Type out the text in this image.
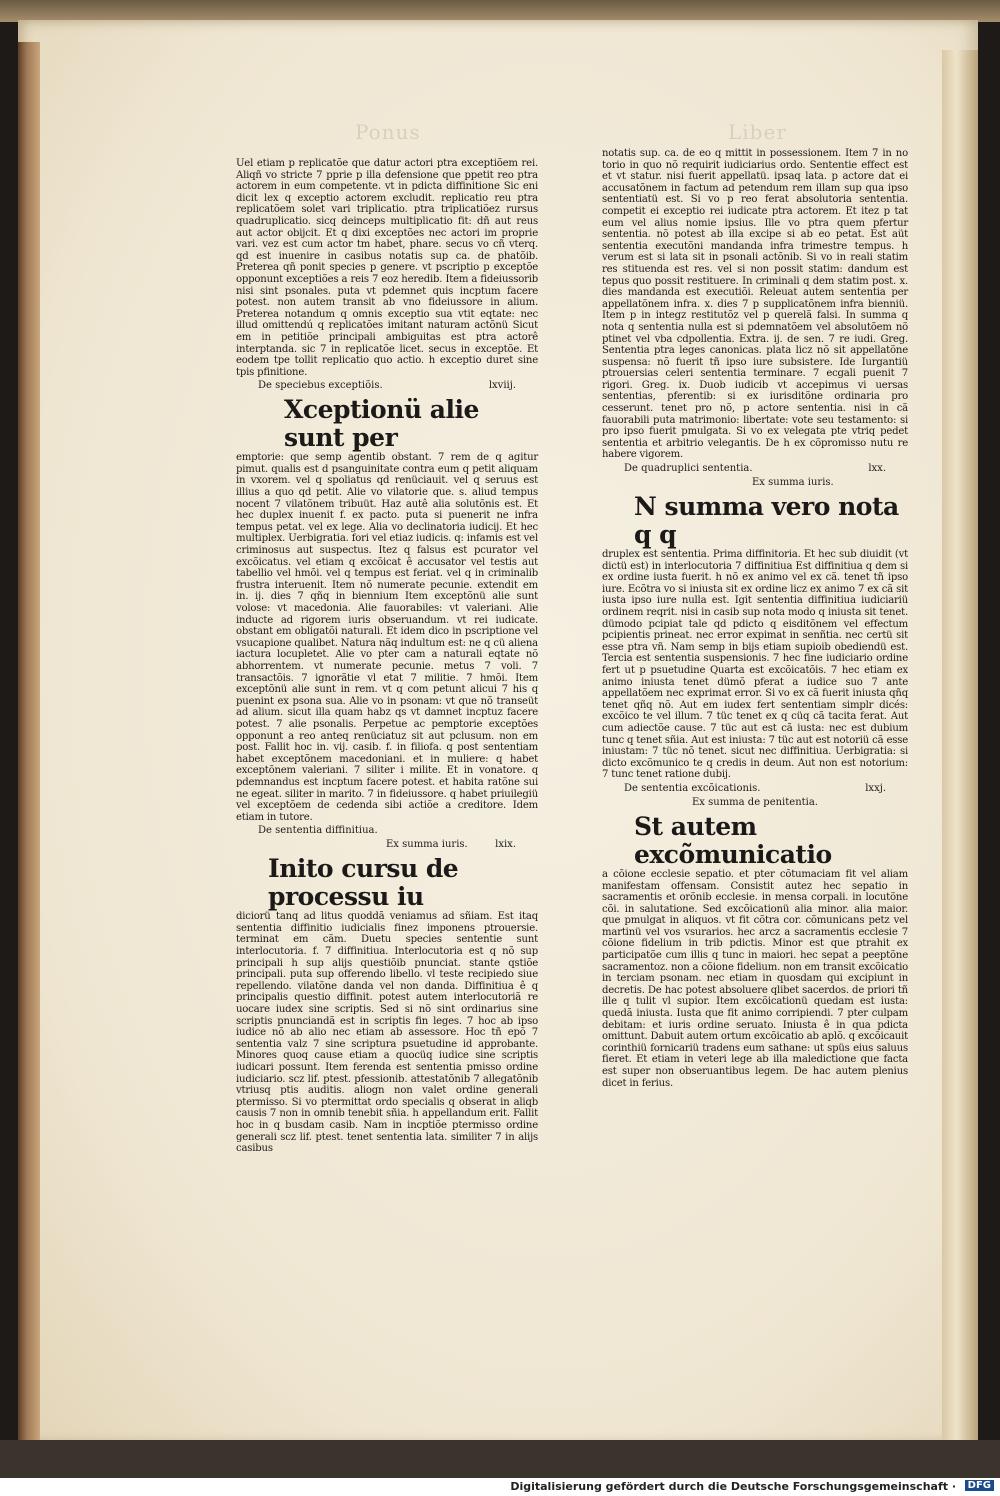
Ponus	Liber

Uel etiam p replicatõe que datur actori ptra exceptiõem rei. Aliqñ vo stricte 7 pprie p illa defensione que ppetit reo ptra actorem in eum competente. vt in pdicta diffinitione Sic eni dicit lex q exceptio actorem excludit. replicatio reu ptra replicatõem solet vari triplicatio. ptra triplicatiõez rursus quadruplicatio. sicq deinceps multiplicatio fit: dñ aut reus aut actor obijcit. Et q dixi exceptões nec actori im proprie vari. vez est cum actor tm habet, phare. secus vo cñ vterq. qd est inuenire in casibus notatis sup ca. de phatõib. Preterea qñ ponit species p genere. vt pscriptio p exceptõe opponunt exceptiões a reis 7 eoz heredib. Item a fideiussorib nisi sint psonales. puta vt pdemnet quis incptum facere potest. non autem transit ab vno fideiussore in alium. Preterea notandum q omnis exceptio sua vtit eqtate: nec illud omittendú q replicatões imitant naturam actõnü Sicut em in petitiõe principali ambiguitas est ptra actorê interptanda. sic 7 in replicatõe licet. secus in exceptõe. Et eodem tpe tollit replicatio quo actio. h exceptio duret sine tpis pfinitione.

De speciebus exceptiõis.	lxviij.
Xceptionü alie sunt per

emptorie: que semp agentib obstant. 7 rem de q agitur pimut. qualis est d psanguinitate contra eum q petit aliquam in vxorem. vel q spoliatus qd renüciauit. vel q seruus est illius a quo qd petit. Alie vo vilatorie que. s. aliud tempus nocent 7 vilatõnem tribuüt. Haz autê alia solutõnis est. Et hec duplex inuenit f. ex pacto. puta si puenerit ne infra tempus petat. vel ex lege. Alia vo declinatoria iudicij. Et hec multiplex. Uerbigratia. fori vel etiaz iudicis. q: infamis est vel criminosus aut suspectus. Itez q falsus est pcurator vel excõicatus. vel etiam q excõicat ê accusator vel testis aut tabellio vel hmõi. vel q tempus est feriat. vel q in criminalib frustra interuenit. Item nõ numerate pecunie. extendit em in. ij. dies 7 qñq in biennium Item exceptõnü alie sunt volose: vt macedonia. Alie fauorabiles: vt valeriani. Alie inducte ad rigorem iuris obseruandum. vt rei iudicate. obstant em obligatõi naturali. Et idem dico in pscriptione vel vsucapione qualibet. Natura nãq indultum est: ne q cü aliena iactura locupletet. Alie vo pter cam a naturali eqtate nõ abhorrentem. vt numerate pecunie. metus 7 voli. 7 transactõis. 7 ignorãtie vl etat 7 militie. 7 hmõi. Item exceptõnü alie sunt in rem. vt q com petunt alicui 7 his q puenint ex psona sua. Alie vo in psonam: vt que nõ transeüt ad alium. sicut illa quam habz qs vt damnet incptuz facere potest. 7 alie psonalis. Perpetue ac pemptorie exceptões opponunt a reo anteq renüciatuz sit aut pclusum. non em post. Fallit hoc in. vij. casib. f. in filiofa. q post sententiam habet exceptõnem macedoniani. et in muliere: q habet exceptõnem valeriani. 7 siliter i milite. Et in vonatore. q pdemnandus est incptum facere potest. et habita ratõne sui ne egeat. siliter in marito. 7 in fideiussore. q habet priuilegiü vel exceptõem de cedenda sibi actiõe a creditore. Idem etiam in tutore.

De sententia diffinitiua.
Ex summa iuris.	lxix.
Inito cursu de processu iu

diciorü tanq ad litus quoddã veniamus ad sñiam. Est itaq sententia diffinitio iudicialis finez imponens ptrouersie. terminat em cãm. Duetu species sententie sunt interlocutoria. f. 7 diffinitiua. Interlocutoria est q nõ sup principali h sup alijs questiõib pnunciat. stante qstiõe principali. puta sup offerendo libello. vl teste recipiedo siue repellendo. vilatõne danda vel non danda. Diffinitiua ê q principalis questio diffinit. potest autem interlocutoriã re uocare iudex sine scriptis. Sed si nõ sint ordinarius sine scriptis pnunciandã est in scriptis fin leges. 7 hoc ab ipso iudice nõ ab alio nec etiam ab assessore. Hoc tñ epõ 7 sententia valz 7 sine scriptura psuetudine id approbante. Minores quoq cause etiam a quocüq iudice sine scriptis iudicari possunt. Item ferenda est sententia pmisso ordine iudiciario. scz lif. ptest. pfessionib. attestatõnib 7 allegatõnib vtriusq ptis auditis. aliogn non valet ordine generali ptermisso. Si vo ptermittat ordo specialis q obserat in aliqb causis 7 non in omnib tenebit sñia. h appellandum erit. Fallit hoc in q busdam casib. Nam in incptiõe ptermisso ordine generali scz lif. ptest. tenet sententia lata. similiter 7 in alijs casibus

notatis sup. ca. de eo q mittit in possessionem. Item 7 in no torio in quo nõ requirit iudiciarius ordo. Sententie effect est et vt statur. nisi fuerit appellatü. ipsaq lata. p actore dat ei accusatõnem in factum ad petendum rem illam sup qua ipso sententiatü est. Si vo p reo ferat absolutoria sententia. competit ei exceptio rei iudicate ptra actorem. Et itez p tat eum vel alius nomie ipsius. Ille vo ptra quem pfertur sententia. nõ potest ab illa excipe si ab eo petat. Est aüt sententia executõni mandanda infra trimestre tempus. h verum est si lata sit in psonali actõnib. Si vo in reali statim res stituenda est res. vel si non possit statim: dandum est tepus quo possit restituere. In criminali q dem statim post. x. dies mandanda est executiõi. Releuat autem sententia per appellatõnem infra. x. dies 7 p supplicatõnem infra bienniü. Item p in integz restitutõz vel p querelã falsi. In summa q nota q sententia nulla est si pdemnatõem vel absolutõem nõ ptinet vel vba cdpollentia. Extra. ij. de sen. 7 re iudi. Greg. Sententia ptra leges canonicas. plata licz nõ sit appellatõne suspensa: nõ fuerit tñ ipso iure subsistere. Ide Iurgantiü ptrouersias celeri sententia terminare. 7 ecgali puenit 7 rigori. Greg. ix. Duob iudicib vt accepimus vi uersas sententias, pferentib: si ex iurisditõne ordinaria pro cesserunt. tenet pro nõ, p actore sententia. nisi in cã fauorabili puta matrimonio: libertate: vote seu testamento: si pro ipso fuerit pmulgata. Si vo ex velegata pte vtriq pedet sententia et arbitrio velegantis. De h ex cõpromisso nutu re habere vigorem.

De quadruplici sententia.	lxx.
Ex summa iuris.
N summa vero nota q q

druplex est sententia. Prima diffinitoria. Et hec sub diuidit (vt dictü est) in interlocutoria 7 diffinitiua Est diffinitiua q dem si ex ordine iusta fuerit. h nõ ex animo vel ex cã. tenet tñ ipso iure. Ecõtra vo si iniusta sit ex ordine licz ex animo 7 ex cã sit iusta ipso iure nulla est. Igit sententia diffinitiua iudiciariü ordinem reqrit. nisi in casib sup nota modo q iniusta sit tenet. dümodo pcipiat tale qd pdicto q eisditõnem vel effectum pcipientis prineat. nec error expimat in senñtia. nec certü sit esse ptra vñ. Nam semp in bijs etiam supioib obediendü est. Tercia est sententia suspensionis. 7 hec fine iudiciario ordine fert ut p psuetudine Quarta est excõicatõis. 7 hec etiam ex animo iniusta tenet dümõ pferat a iudice suo 7 ante appellatõem nec exprimat error. Si vo ex cã fuerit iniusta qñq tenet qñq nõ. Aut em iudex fert sententiam simplr dicés: excõico te vel illum. 7 tüc tenet ex q cüq cã tacita ferat. Aut cum adiectõe cause. 7 tüc aut est cã iusta: nec est dubium tunc q tenet sñia. Aut est iniusta: 7 tüc aut est notoriü cã esse iniustam: 7 tüc nõ tenet. sicut nec diffinitiua. Uerbigratia: si dicto excõmunico te q credis in deum. Aut non est notorium: 7 tunc tenet ratione dubij.

De sententia excõicationis.	lxxj.
Ex summa de penitentia.
St autem excõmunicatio

a cõione ecclesie sepatio. et pter cõtumaciam fit vel aliam manifestam offensam. Consistit autez hec sepatio in sacramentis et orõnib ecclesie. in mensa corpali. in locutõne cõi. in salutatione. Sed excõicationü alia minor. alia maior. que pmulgat in aliquos. vt fit cõtra cor. cõmunicans petz vel martinü vel vos vsurarios. hec arcz a sacramentis ecclesie 7 cõione fidelium in trib pdictis. Minor est que ptrahit ex participatõe cum illis q tunc in maiori. hec sepat a peeptõne sacramentoz. non a cõione fidelium. non em transit excõicatio in terciam psonam. nec etiam in quosdam qui excipiunt in decretis. De hac potest absoluere qlibet sacerdos. de priori tñ ille q tulit vl supior. Item excõicationü quedam est iusta: quedã iniusta. Iusta que fit animo corripiendi. 7 pter culpam debitam: et iuris ordine seruato. Iniusta ê in qua pdicta omittunt. Dabuit autem ortum excõicatio ab aplõ. q excõicauit corinthiü fornicariü tradens eum sathane: ut spüs eius saluus fieret. Et etiam in veteri lege ab illa maledictione que facta est super non obseruantibus legem. De hac autem plenius dicet in ferius.

Digitalisierung gefördert durch die Deutsche Forschungsgemeinschaft ·	DFG
